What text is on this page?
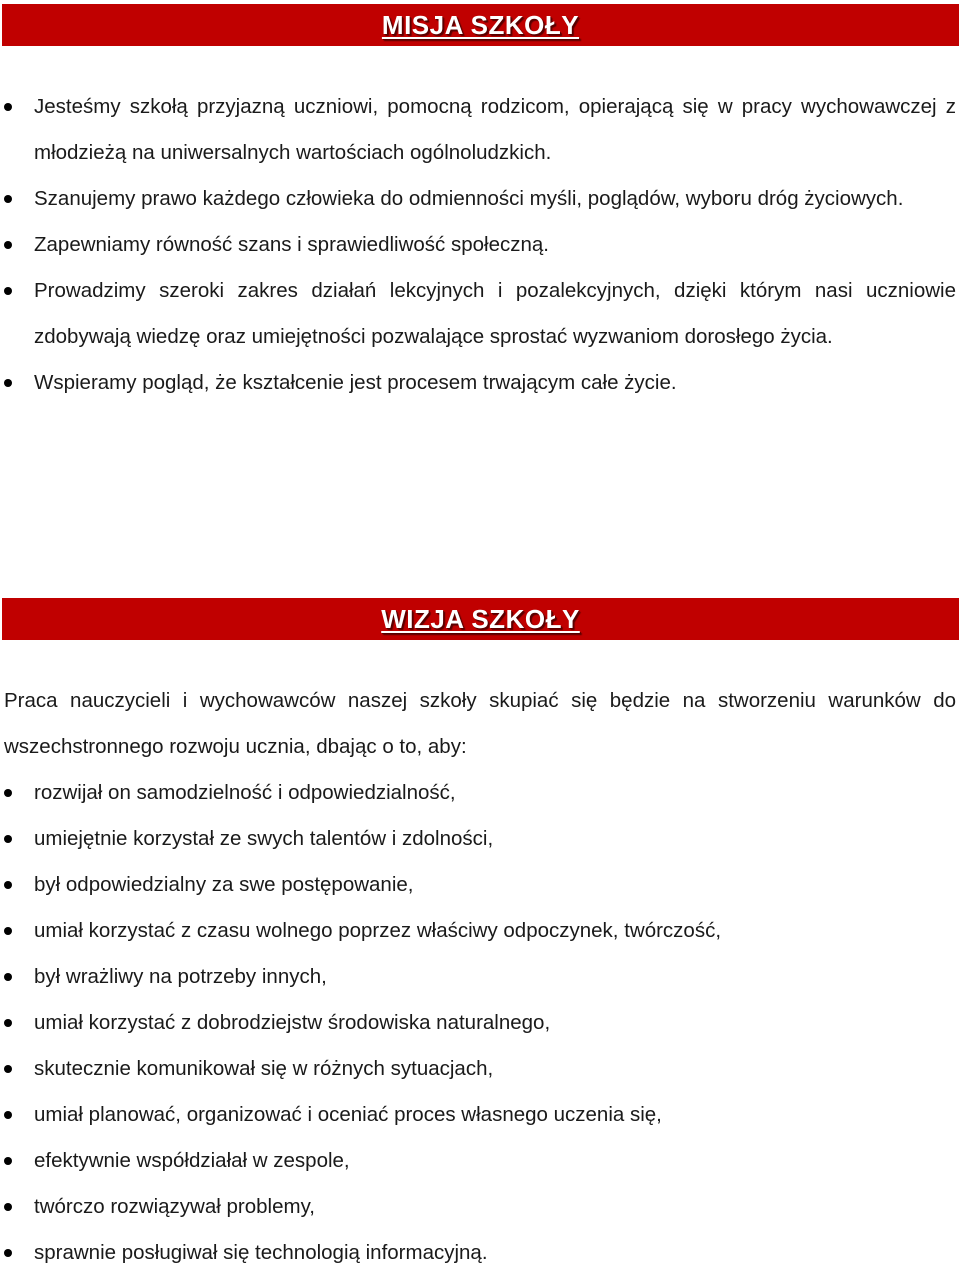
MISJA SZKOŁY
Jesteśmy szkołą przyjazną uczniowi, pomocną rodzicom, opierającą się w pracy wychowawczej z młodzieżą na uniwersalnych wartościach ogólnoludzkich.
Szanujemy prawo każdego człowieka do odmienności myśli, poglądów, wyboru dróg życiowych.
Zapewniamy równość szans i sprawiedliwość społeczną.
Prowadzimy szeroki zakres działań lekcyjnych i pozalekcyjnych, dzięki którym nasi uczniowie zdobywają wiedzę oraz umiejętności pozwalające sprostać wyzwaniom dorosłego życia.
Wspieramy pogląd, że kształcenie jest procesem trwającym całe życie.
WIZJA SZKOŁY

Praca nauczycieli i wychowawców naszej szkoły skupiać się będzie na stworzeniu warunków do wszechstronnego rozwoju ucznia, dbając o to, aby:

rozwijał on samodzielność i odpowiedzialność,
umiejętnie korzystał ze swych talentów i zdolności,
był odpowiedzialny za swe postępowanie,
umiał korzystać z czasu wolnego poprzez właściwy odpoczynek, twórczość,
był wrażliwy na potrzeby innych,
umiał korzystać z dobrodziejstw środowiska naturalnego,
skutecznie komunikował się w różnych sytuacjach,
umiał planować, organizować i oceniać proces własnego uczenia się,
efektywnie współdziałał w zespole,
twórczo rozwiązywał problemy,
sprawnie posługiwał się technologią informacyjną.
